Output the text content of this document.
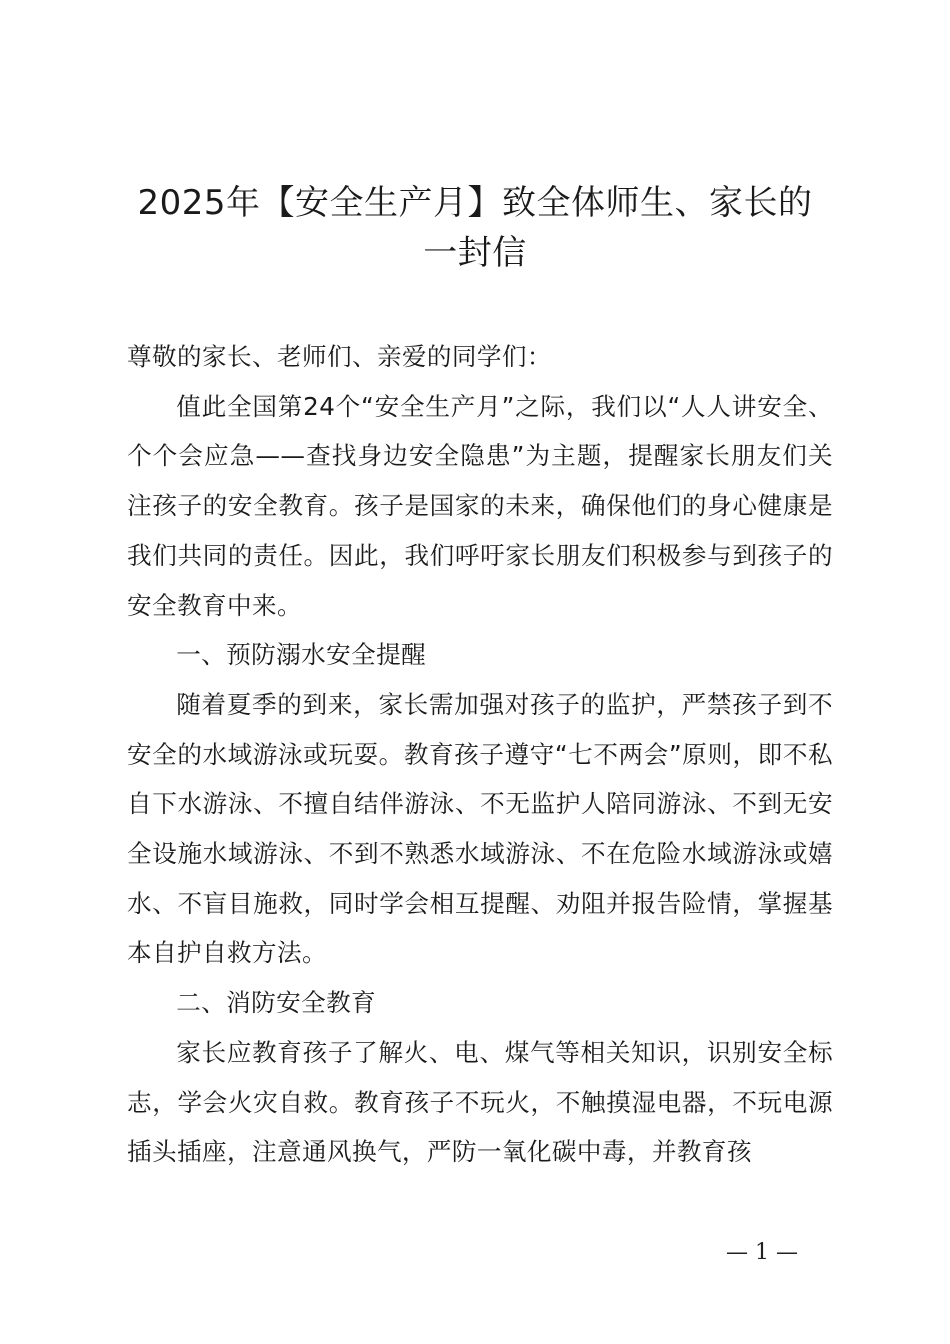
2025年【安全生产月】致全体师生、家长的
一封信

尊敬的家长、老师们、亲爱的同学们：

值此全国第24个“安全生产月”之际，我们以“人人讲安全、个个会应急——查找身边安全隐患”为主题，提醒家长朋友们关注孩子的安全教育。孩子是国家的未来，确保他们的身心健康是我们共同的责任。因此，我们呼吁家长朋友们积极参与到孩子的安全教育中来。

一、预防溺水安全提醒

随着夏季的到来，家长需加强对孩子的监护，严禁孩子到不安全的水域游泳或玩耍。教育孩子遵守“七不两会”原则，即不私自下水游泳、不擅自结伴游泳、不无监护人陪同游泳、不到无安全设施水域游泳、不到不熟悉水域游泳、不在危险水域游泳或嬉水、不盲目施救，同时学会相互提醒、劝阻并报告险情，掌握基本自护自救方法。

二、消防安全教育

家长应教育孩子了解火、电、煤气等相关知识，识别安全标志，学会火灾自救。教育孩子不玩火，不触摸湿电器，不玩电源插头插座，注意通风换气，严防一氧化碳中毒，并教育孩

— 1 —
